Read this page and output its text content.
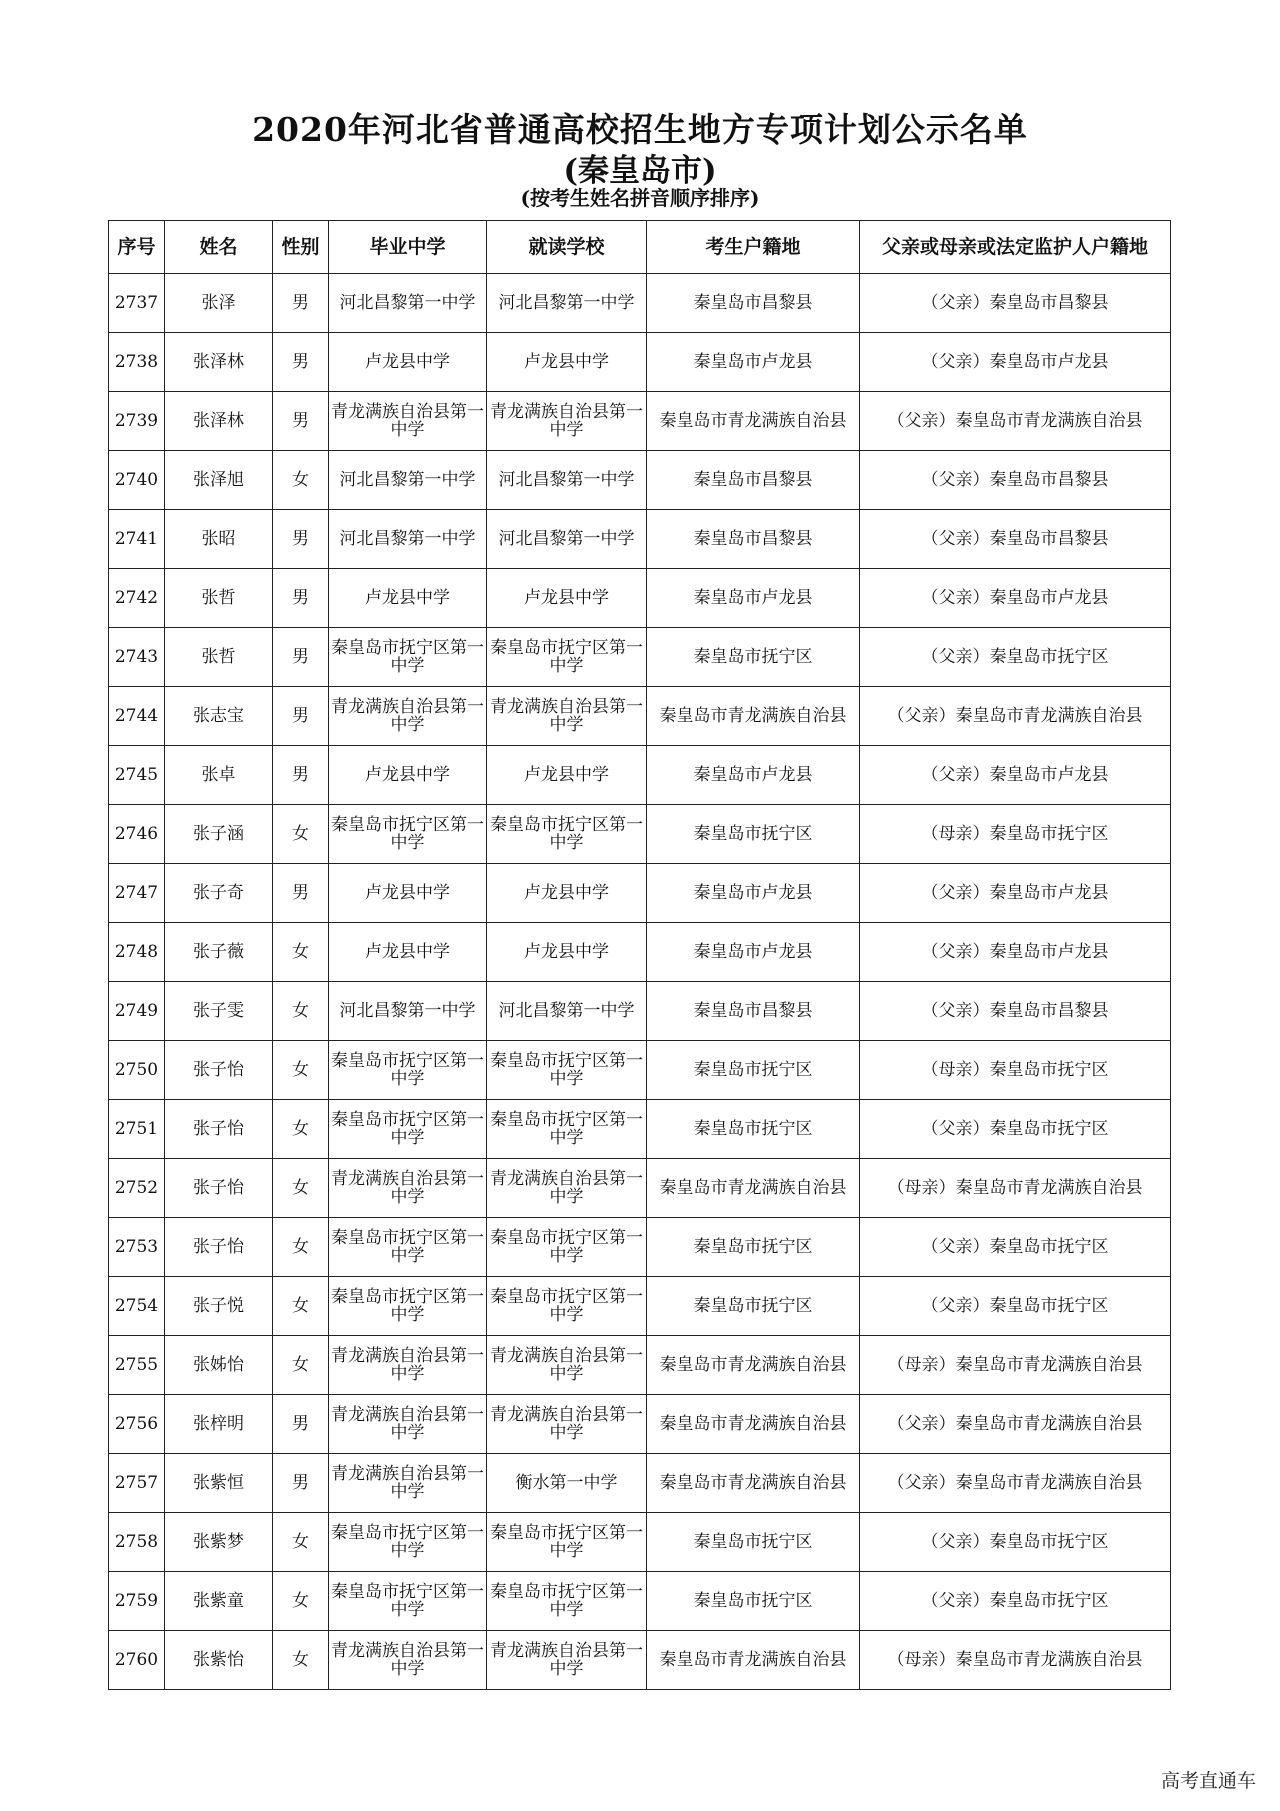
2020年河北省普通高校招生地方专项计划公示名单
(秦皇岛市)
(按考生姓名拼音顺序排序)
序号	姓名	性别	毕业中学	就读学校	考生户籍地	父亲或母亲或法定监护人户籍地
2737	张泽	男	河北昌黎第一中学	河北昌黎第一中学	秦皇岛市昌黎县	（父亲）秦皇岛市昌黎县
2738	张泽林	男	卢龙县中学	卢龙县中学	秦皇岛市卢龙县	（父亲）秦皇岛市卢龙县
2739	张泽林	男	青龙满族自治县第一中学	青龙满族自治县第一中学	秦皇岛市青龙满族自治县	（父亲）秦皇岛市青龙满族自治县
2740	张泽旭	女	河北昌黎第一中学	河北昌黎第一中学	秦皇岛市昌黎县	（父亲）秦皇岛市昌黎县
2741	张昭	男	河北昌黎第一中学	河北昌黎第一中学	秦皇岛市昌黎县	（父亲）秦皇岛市昌黎县
2742	张哲	男	卢龙县中学	卢龙县中学	秦皇岛市卢龙县	（父亲）秦皇岛市卢龙县
2743	张哲	男	秦皇岛市抚宁区第一中学	秦皇岛市抚宁区第一中学	秦皇岛市抚宁区	（父亲）秦皇岛市抚宁区
2744	张志宝	男	青龙满族自治县第一中学	青龙满族自治县第一中学	秦皇岛市青龙满族自治县	（父亲）秦皇岛市青龙满族自治县
2745	张卓	男	卢龙县中学	卢龙县中学	秦皇岛市卢龙县	（父亲）秦皇岛市卢龙县
2746	张子涵	女	秦皇岛市抚宁区第一中学	秦皇岛市抚宁区第一中学	秦皇岛市抚宁区	（母亲）秦皇岛市抚宁区
2747	张子奇	男	卢龙县中学	卢龙县中学	秦皇岛市卢龙县	（父亲）秦皇岛市卢龙县
2748	张子薇	女	卢龙县中学	卢龙县中学	秦皇岛市卢龙县	（父亲）秦皇岛市卢龙县
2749	张子雯	女	河北昌黎第一中学	河北昌黎第一中学	秦皇岛市昌黎县	（父亲）秦皇岛市昌黎县
2750	张子怡	女	秦皇岛市抚宁区第一中学	秦皇岛市抚宁区第一中学	秦皇岛市抚宁区	（母亲）秦皇岛市抚宁区
2751	张子怡	女	秦皇岛市抚宁区第一中学	秦皇岛市抚宁区第一中学	秦皇岛市抚宁区	（父亲）秦皇岛市抚宁区
2752	张子怡	女	青龙满族自治县第一中学	青龙满族自治县第一中学	秦皇岛市青龙满族自治县	（母亲）秦皇岛市青龙满族自治县
2753	张子怡	女	秦皇岛市抚宁区第一中学	秦皇岛市抚宁区第一中学	秦皇岛市抚宁区	（父亲）秦皇岛市抚宁区
2754	张子悦	女	秦皇岛市抚宁区第一中学	秦皇岛市抚宁区第一中学	秦皇岛市抚宁区	（父亲）秦皇岛市抚宁区
2755	张姊怡	女	青龙满族自治县第一中学	青龙满族自治县第一中学	秦皇岛市青龙满族自治县	（母亲）秦皇岛市青龙满族自治县
2756	张梓明	男	青龙满族自治县第一中学	青龙满族自治县第一中学	秦皇岛市青龙满族自治县	（父亲）秦皇岛市青龙满族自治县
2757	张紫恒	男	青龙满族自治县第一中学	衡水第一中学	秦皇岛市青龙满族自治县	（父亲）秦皇岛市青龙满族自治县
2758	张紫梦	女	秦皇岛市抚宁区第一中学	秦皇岛市抚宁区第一中学	秦皇岛市抚宁区	（父亲）秦皇岛市抚宁区
2759	张紫童	女	秦皇岛市抚宁区第一中学	秦皇岛市抚宁区第一中学	秦皇岛市抚宁区	（父亲）秦皇岛市抚宁区
2760	张紫怡	女	青龙满族自治县第一中学	青龙满族自治县第一中学	秦皇岛市青龙满族自治县	（母亲）秦皇岛市青龙满族自治县
高考直通车
